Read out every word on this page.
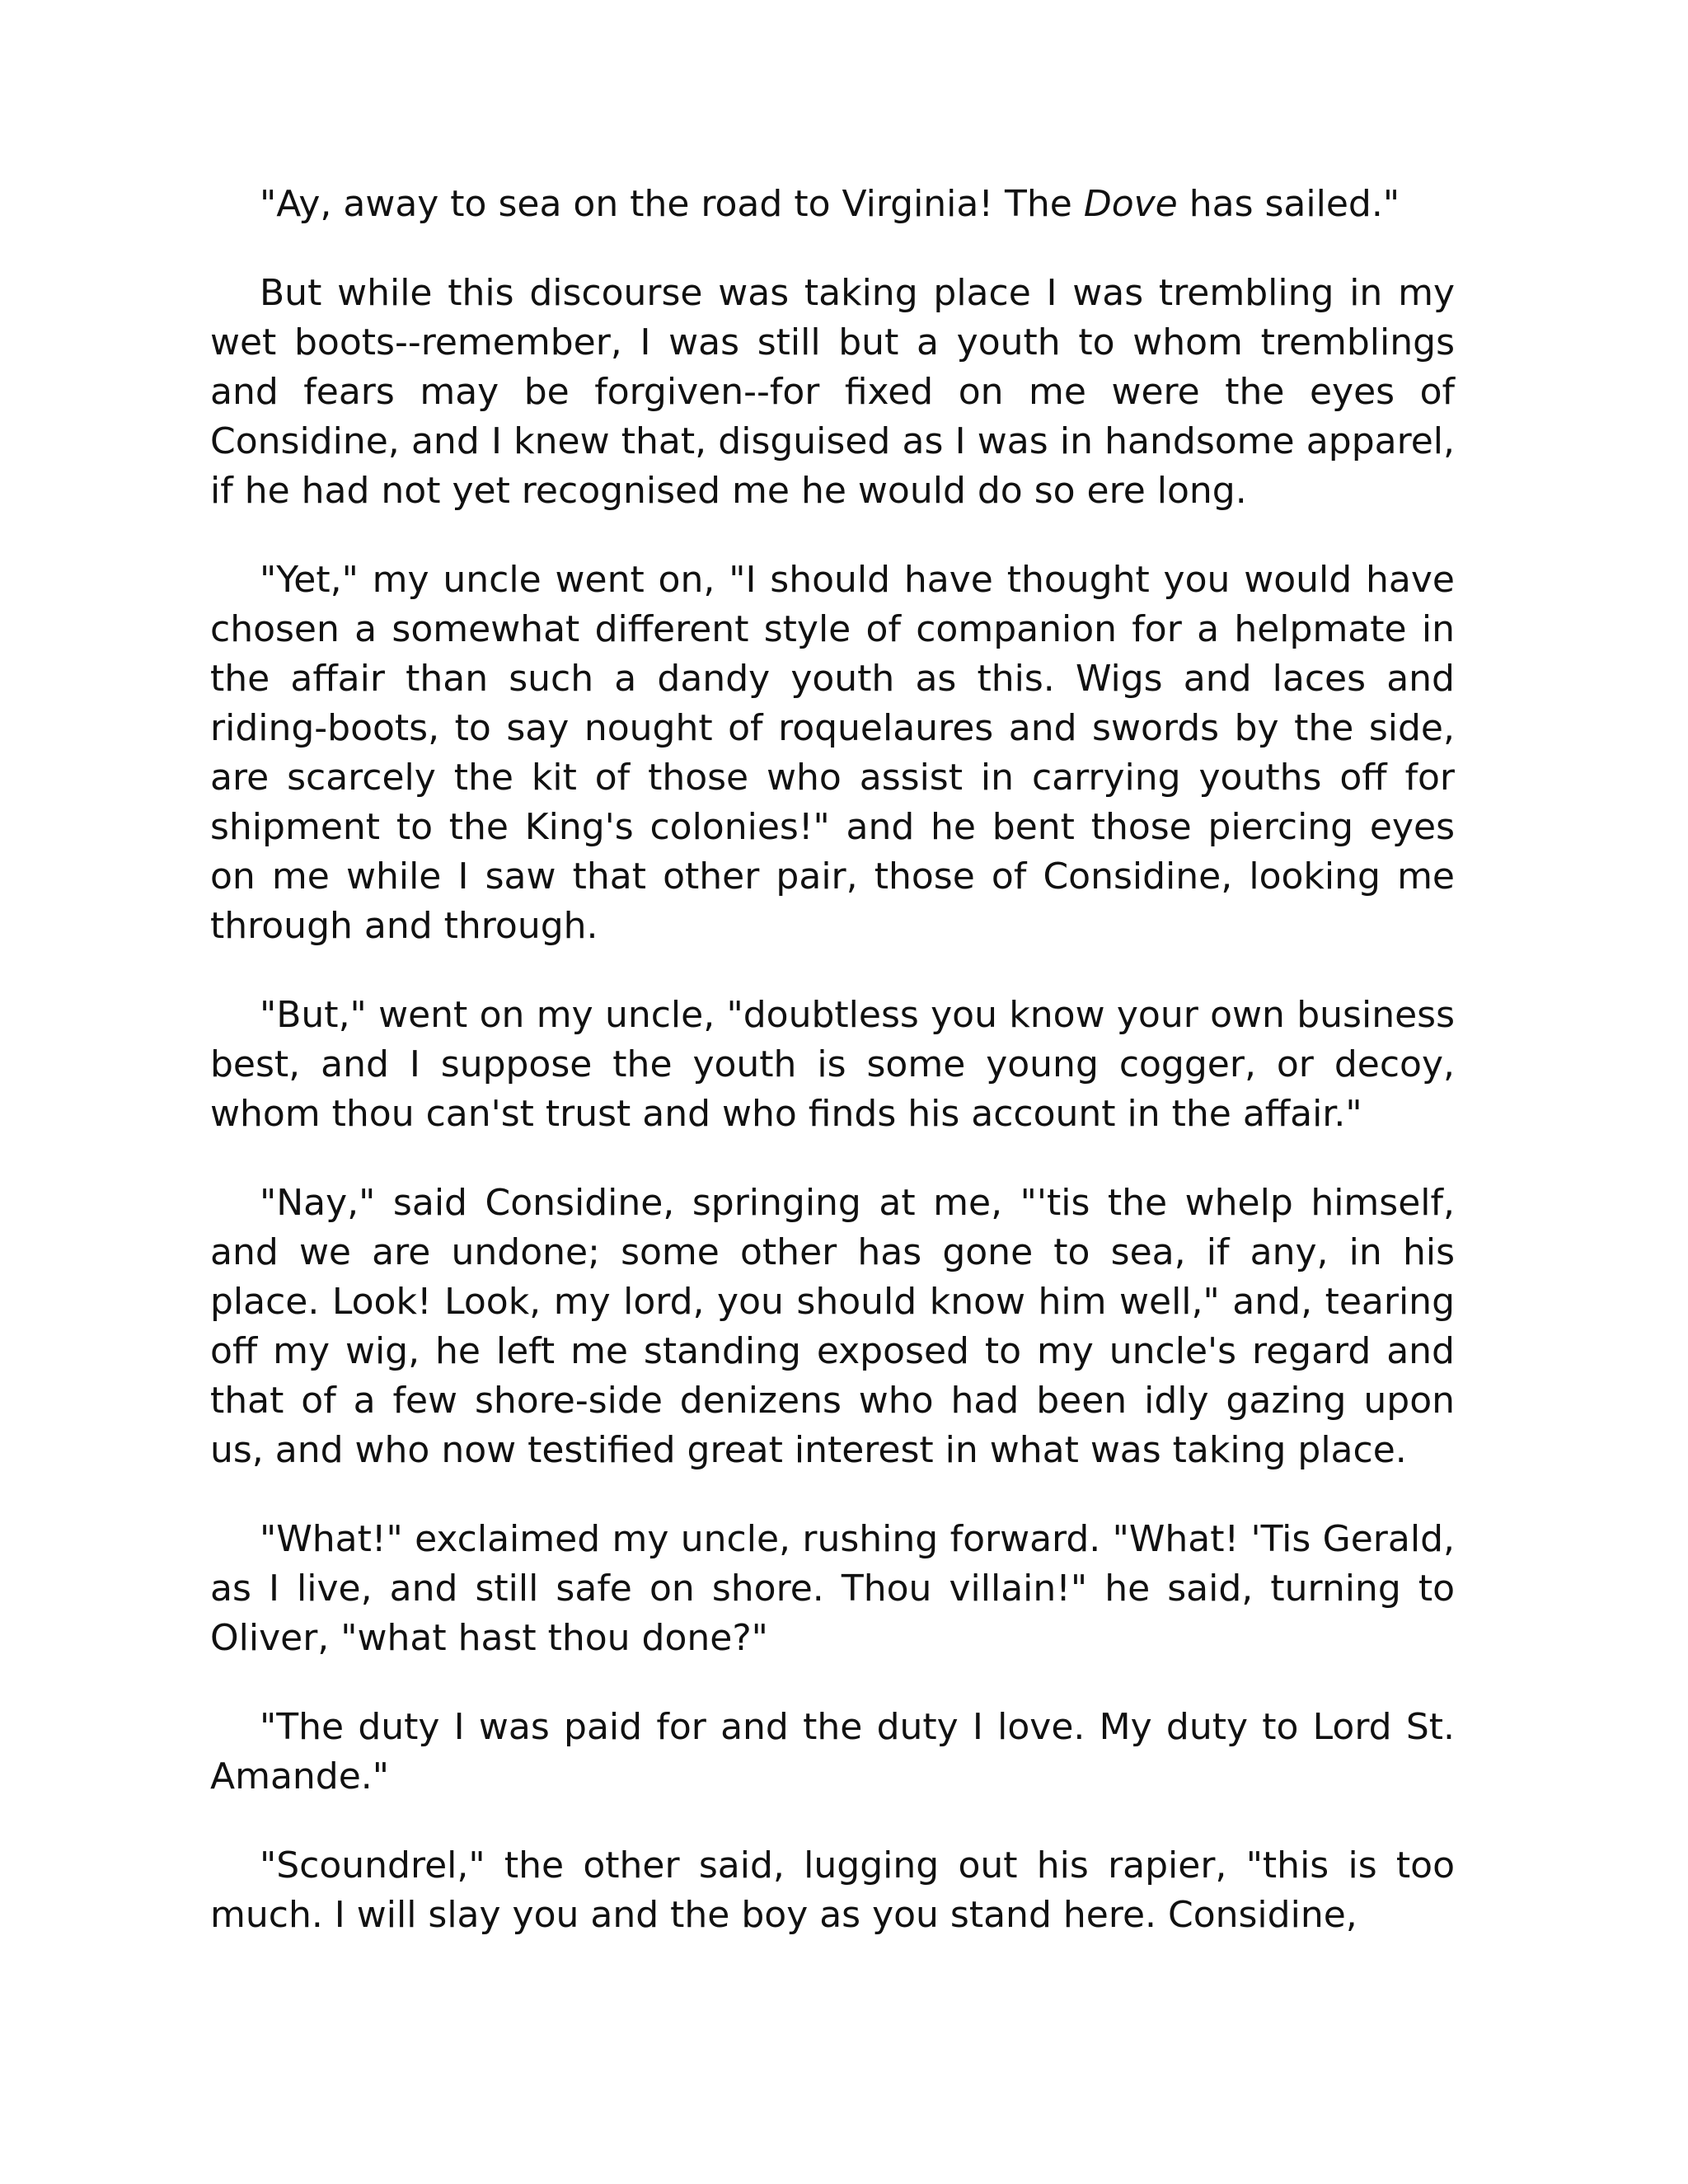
"Ay, away to sea on the road to Virginia! The Dove has sailed."

But while this discourse was taking place I was trembling in my wet boots--remember, I was still but a youth to whom tremblings and fears may be forgiven--for fixed on me were the eyes of Considine, and I knew that, disguised as I was in handsome apparel, if he had not yet recognised me he would do so ere long.

"Yet," my uncle went on, "I should have thought you would have chosen a somewhat different style of companion for a helpmate in the affair than such a dandy youth as this. Wigs and laces and riding-boots, to say nought of roquelaures and swords by the side, are scarcely the kit of those who assist in carrying youths off for shipment to the King's colonies!" and he bent those piercing eyes on me while I saw that other pair, those of Considine, looking me through and through.

"But," went on my uncle, "doubtless you know your own business best, and I suppose the youth is some young cogger, or decoy, whom thou can'st trust and who finds his account in the affair."

"Nay," said Considine, springing at me, "'tis the whelp himself, and we are undone; some other has gone to sea, if any, in his place. Look! Look, my lord, you should know him well," and, tearing off my wig, he left me standing exposed to my uncle's regard and that of a few shore-side denizens who had been idly gazing upon us, and who now testified great interest in what was taking place.

"What!" exclaimed my uncle, rushing forward. "What! 'Tis Gerald, as I live, and still safe on shore. Thou villain!" he said, turning to Oliver, "what hast thou done?"

"The duty I was paid for and the duty I love. My duty to Lord St. Amande."

"Scoundrel," the other said, lugging out his rapier, "this is too much. I will slay you and the boy as you stand here. Considine,
